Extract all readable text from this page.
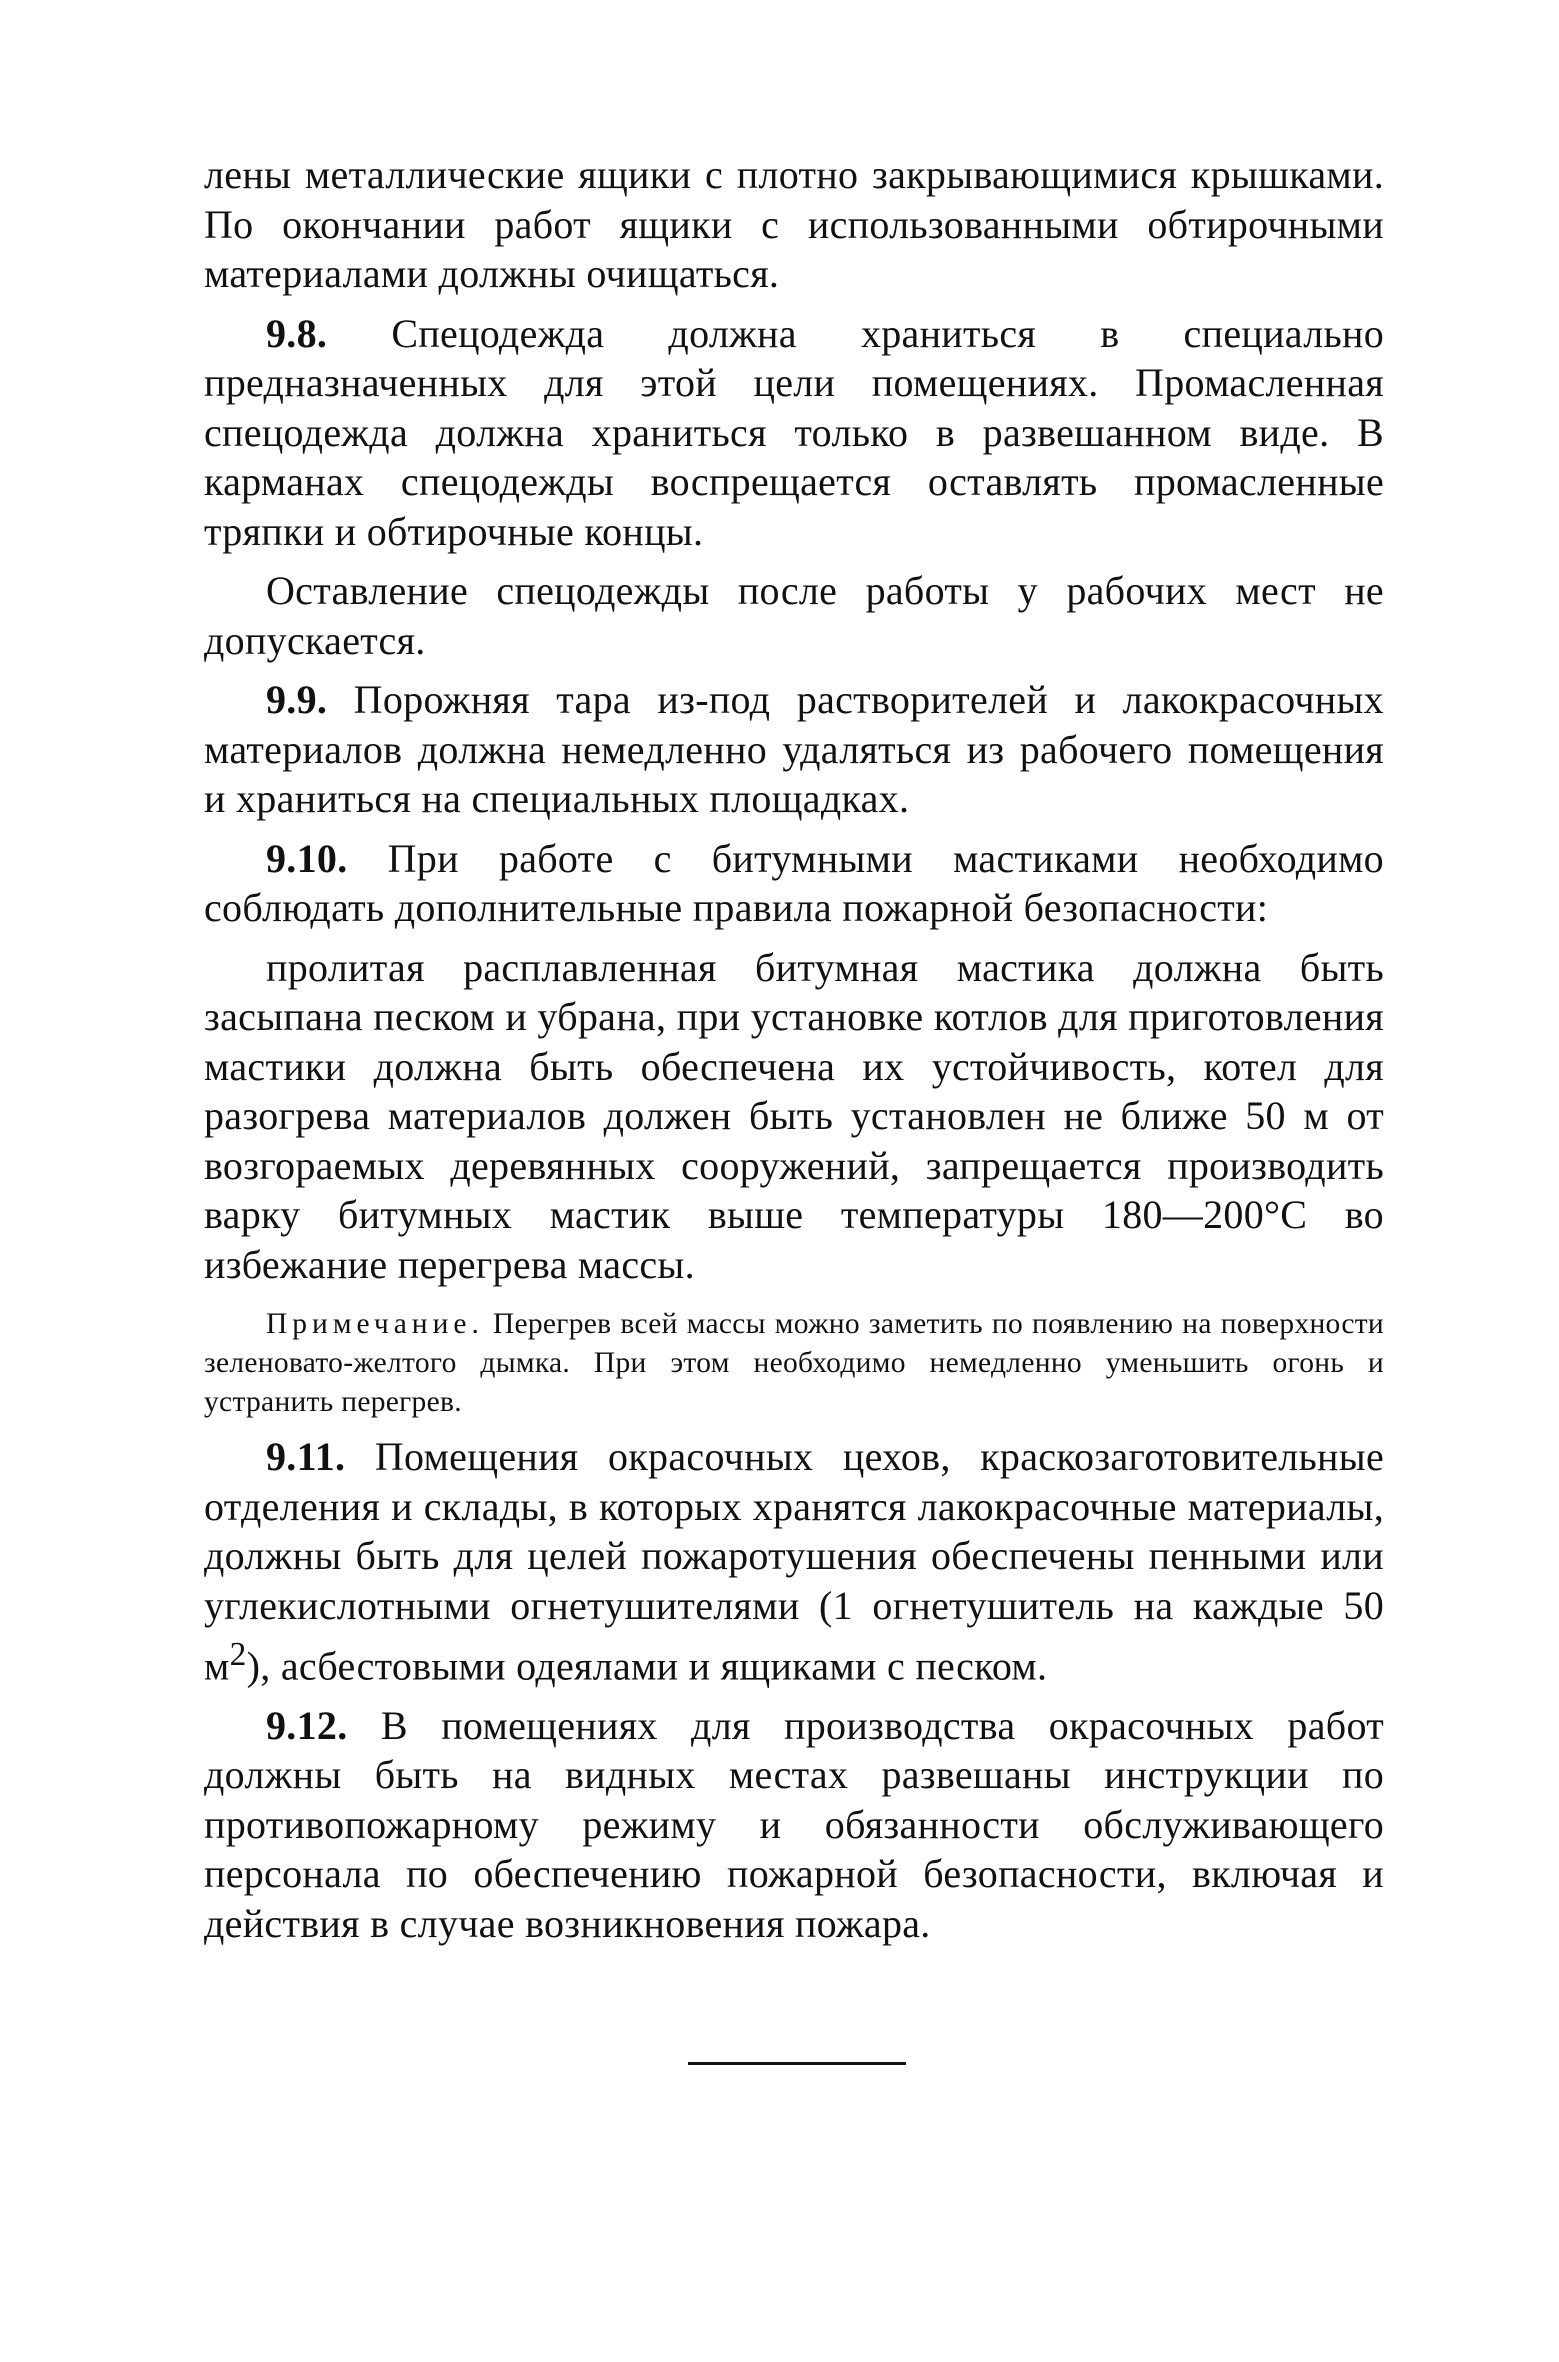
лены металлические ящики с плотно закрывающимися крышками. По окончании работ ящики с использованными обтирочными материалами должны очищаться.

9.8. Спецодежда должна храниться в специально предназначенных для этой цели помещениях. Промасленная спецодежда должна храниться только в развешанном виде. В карманах спецодежды воспрещается оставлять промасленные тряпки и обтирочные концы.

Оставление спецодежды после работы у рабочих мест не допускается.

9.9. Порожняя тара из-под растворителей и лакокрасочных материалов должна немедленно удаляться из рабочего помещения и храниться на специальных площадках.

9.10. При работе с битумными мастиками необходимо соблюдать дополнительные правила пожарной безопасности:

пролитая расплавленная битумная мастика должна быть засыпана песком и убрана, при установке котлов для приготовления мастики должна быть обеспечена их устойчивость, котел для разогрева материалов должен быть установлен не ближе 50 м от возгораемых деревянных сооружений, запрещается производить варку битумных мастик выше температуры 180—200°С во избежание перегрева массы.

Примечание. Перегрев всей массы можно заметить по появлению на поверхности зеленовато-желтого дымка. При этом необходимо немедленно уменьшить огонь и устранить перегрев.

9.11. Помещения окрасочных цехов, краскозаготовительные отделения и склады, в которых хранятся лакокрасочные материалы, должны быть для целей пожаротушения обеспечены пенными или углекислотными огнетушителями (1 огнетушитель на каждые 50 $м^2$), асбестовыми одеялами и ящиками с песком.

9.12. В помещениях для производства окрасочных работ должны быть на видных местах развешаны инструкции по противопожарному режиму и обязанности обслуживающего персонала по обеспечению пожарной безопасности, включая и действия в случае возникновения пожара.
